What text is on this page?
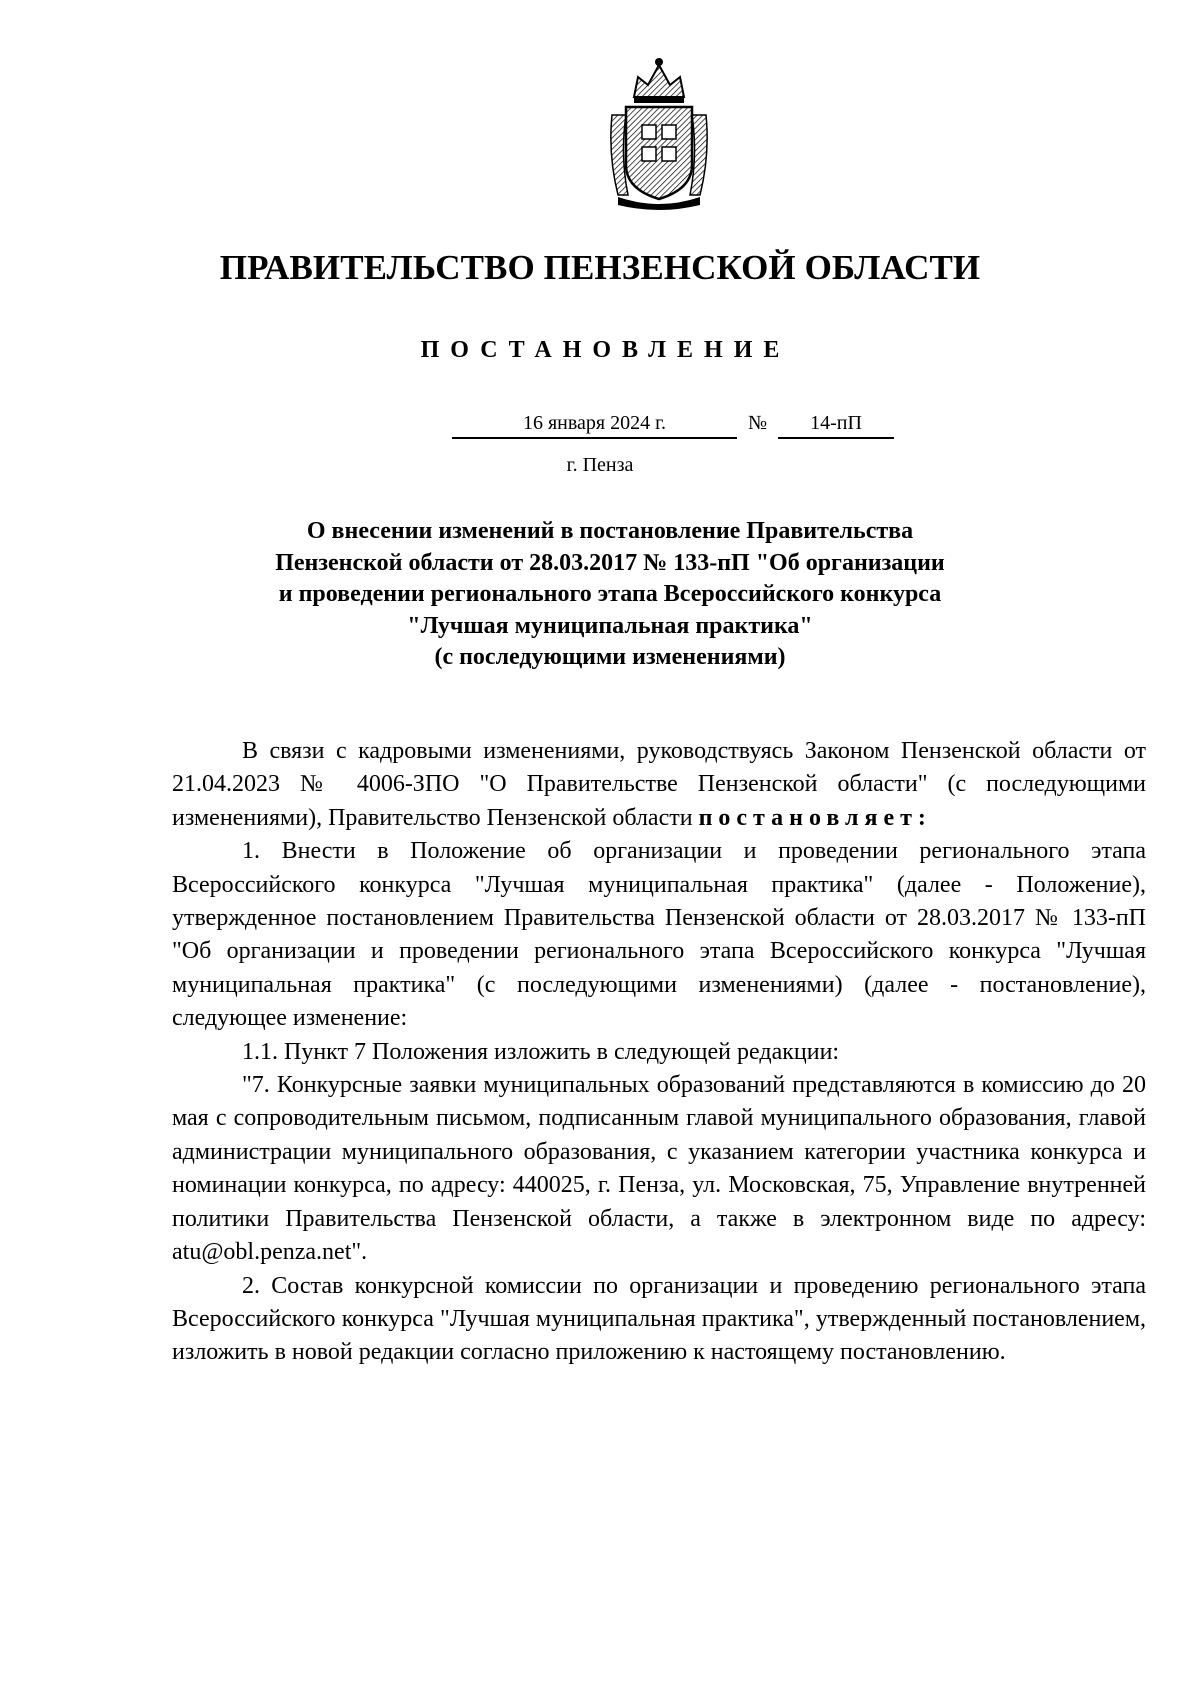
ПРАВИТЕЛЬСТВО ПЕНЗЕНСКОЙ ОБЛАСТИ
ПОСТАНОВЛЕНИЕ
16 января 2024 г.	№	14-пП
г. Пенза
О внесении изменений в постановление Правительства
Пензенской области от 28.03.2017 № 133-пП "Об организации
и проведении регионального этапа Всероссийского конкурса
"Лучшая муниципальная практика"
(с последующими изменениями)

В связи с кадровыми изменениями, руководствуясь Законом Пензенской области от 21.04.2023 № 4006-ЗПО "О Правительстве Пензенской области" (с последующими изменениями), Правительство Пензенской области постановляет:

1. Внести в Положение об организации и проведении регионального этапа Всероссийского конкурса "Лучшая муниципальная практика" (далее - Положение), утвержденное постановлением Правительства Пензенской области от 28.03.2017 № 133-пП "Об организации и проведении регионального этапа Всероссийского конкурса "Лучшая муниципальная практика" (с последующими изменениями) (далее - постановление), следующее изменение:

1.1. Пункт 7 Положения изложить в следующей редакции:

"7. Конкурсные заявки муниципальных образований представляются в комиссию до 20 мая с сопроводительным письмом, подписанным главой муниципального образования, главой администрации муниципального образования, с указанием категории участника конкурса и номинации конкурса, по адресу: 440025, г. Пенза, ул. Московская, 75, Управление внутренней политики Правительства Пензенской области, а также в электронном виде по адресу: atu@obl.penza.net".

2. Состав конкурсной комиссии по организации и проведению регионального этапа Всероссийского конкурса "Лучшая муниципальная практика", утвержденный постановлением, изложить в новой редакции согласно приложению к настоящему постановлению.
